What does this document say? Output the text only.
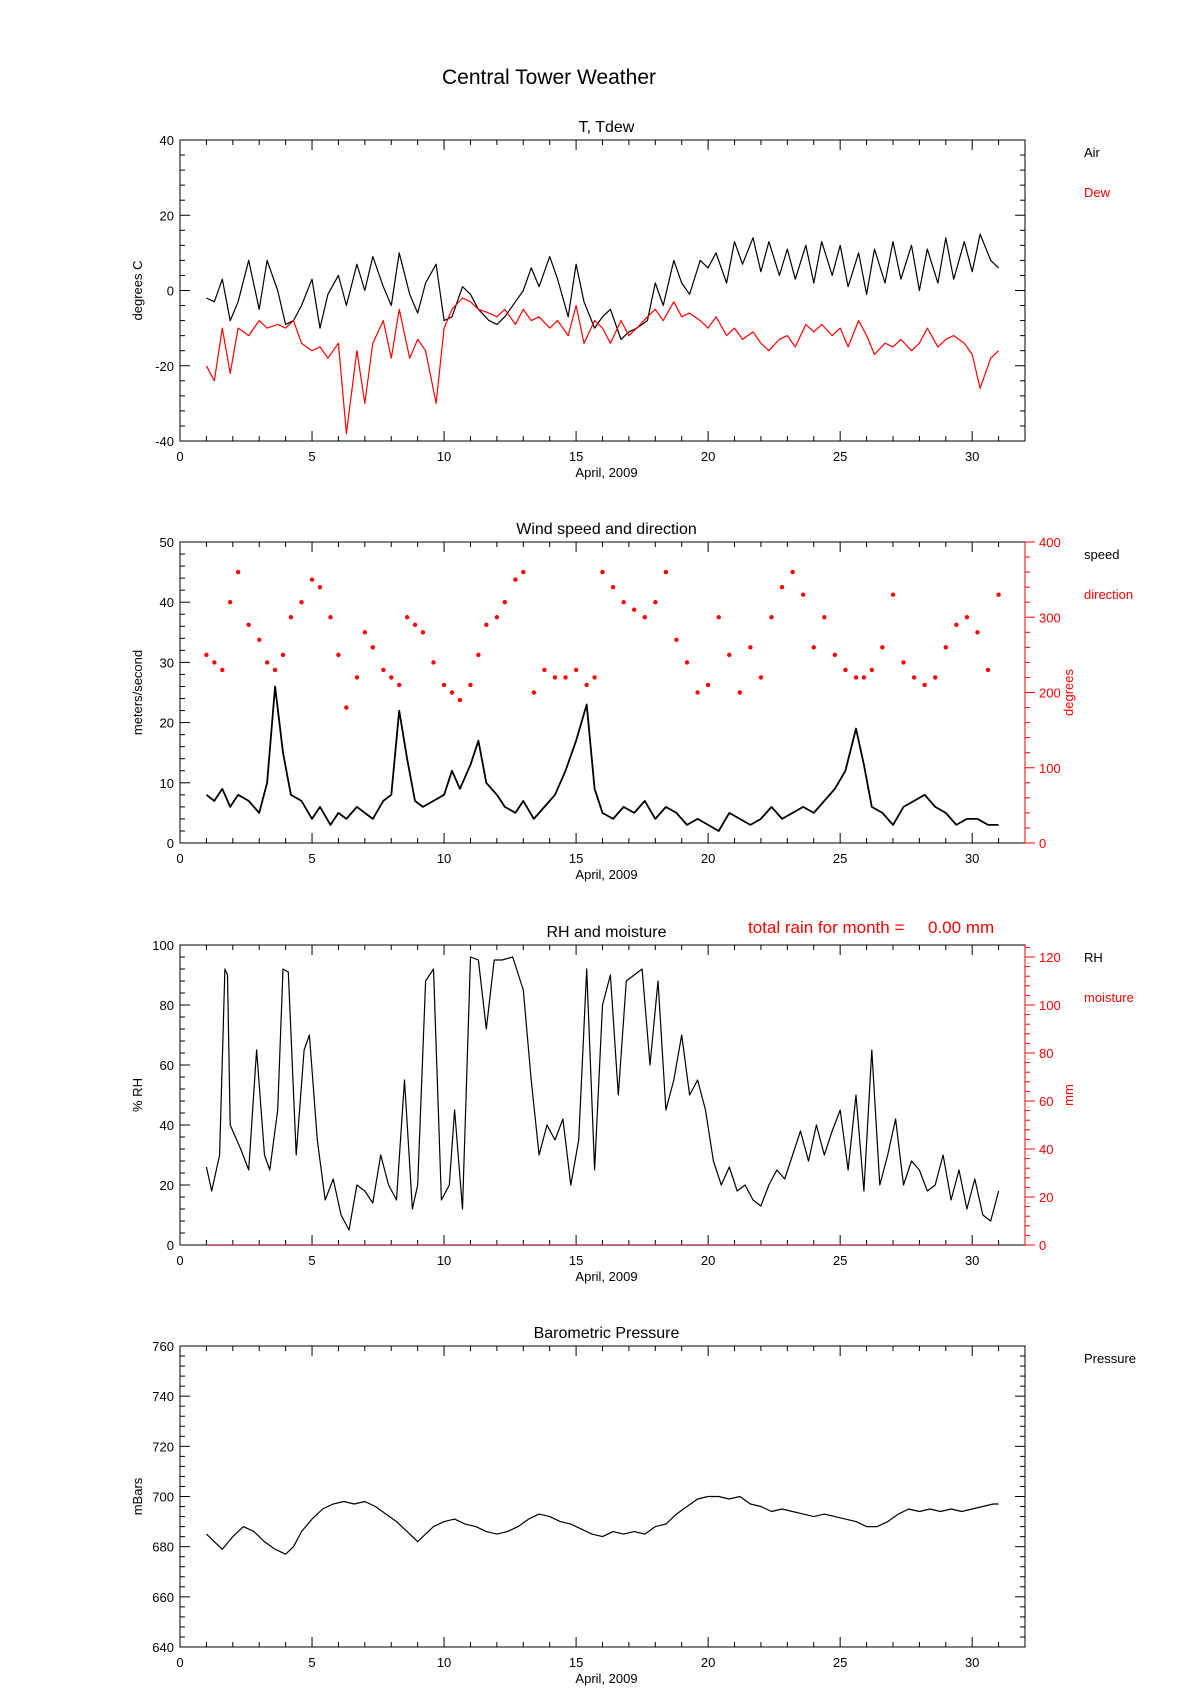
Central Tower Weather
T, Tdew
0	5	10	15	20	25	30
April, 2009
-40
-20
0
20
40
degrees C
Air
Dew
Wind speed and direction
0	5	10	15	20	25	30
April, 2009
0
10
20
30
40
50
meters/second
0
100
200
300
400
degrees
speed
direction
RH and moisture	total rain for month =     0.00 mm
0	5	10	15	20	25	30
April, 2009
0
20
40
60
80
100
% RH
0
20
40
60
80
100
120
mm
RH
moisture
Barometric Pressure
0	5	10	15	20	25	30
April, 2009
640
660
680
700
720
740
760
mBars
Pressure
